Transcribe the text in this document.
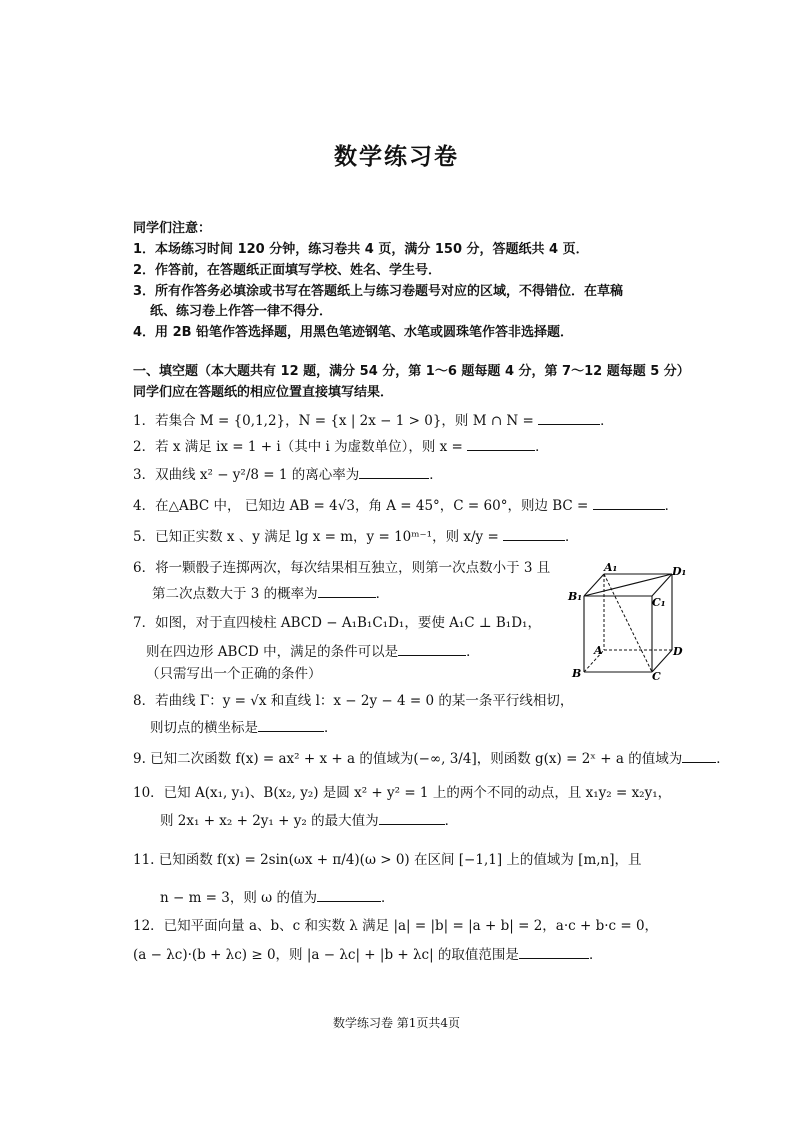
数学练习卷
同学们注意：
1．本场练习时间 120 分钟，练习卷共 4 页，满分 150 分，答题纸共 4 页．
2．作答前，在答题纸正面填写学校、姓名、学生号．
3．所有作答务必填涂或书写在答题纸上与练习卷题号对应的区域，不得错位．在草稿
纸、练习卷上作答一律不得分．
4．用 2B 铅笔作答选择题，用黑色笔迹钢笔、水笔或圆珠笔作答非选择题．
一、填空题（本大题共有 12 题，满分 54 分，第 1～6 题每题 4 分，第 7～12 题每题 5 分）
同学们应在答题纸的相应位置直接填写结果．
1．若集合 M = {0,1,2}，N = {x | 2x − 1 > 0}，则 M ∩ N =	．
2．若 x 满足 ix = 1 + i（其中 i 为虚数单位），则 x =	．
3．双曲线 x² − y²/8 = 1 的离心率为	．
4．在△ABC 中， 已知边 AB = 4√3，角 A = 45°，C = 60°，则边 BC =	．
5．已知正实数 x 、y 满足 lg x = m，y = 10ᵐ⁻¹，则 x/y =	．
6．将一颗骰子连掷两次，每次结果相互独立，则第一次点数小于 3 且
第二次点数大于 3 的概率为	．
7．如图，对于直四棱柱 ABCD − A₁B₁C₁D₁，要使 A₁C ⊥ B₁D₁，
则在四边形 ABCD 中，满足的条件可以是	．
（只需写出一个正确的条件）
8．若曲线 Γ：y = √x 和直线 l：x − 2y − 4 = 0 的某一条平行线相切，
则切点的横坐标是	．
9. 已知二次函数 f(x) = ax² + x + a 的值域为(−∞, 3/4]，则函数 g(x) = 2ˣ + a 的值域为	．
10．已知 A(x₁, y₁)、B(x₂, y₂) 是圆 x² + y² = 1 上的两个不同的动点，且 x₁y₂ = x₂y₁，
则 2x₁ + x₂ + 2y₁ + y₂ 的最大值为	．
11. 已知函数 f(x) = 2sin(ωx + π/4)(ω > 0) 在区间 [−1,1] 上的值域为 [m,n]，且
n − m = 3，则 ω 的值为	．
12．已知平面向量 a、b、c 和实数 λ 满足 |a| = |b| = |a + b| = 2，a·c + b·c = 0，
(a − λc)·(b + λc) ≥ 0，则 |a − λc| + |b + λc| 的取值范围是	．
A₁	D₁
B₁	C₁
A	D
B	C
数学练习卷 第1页共4页
